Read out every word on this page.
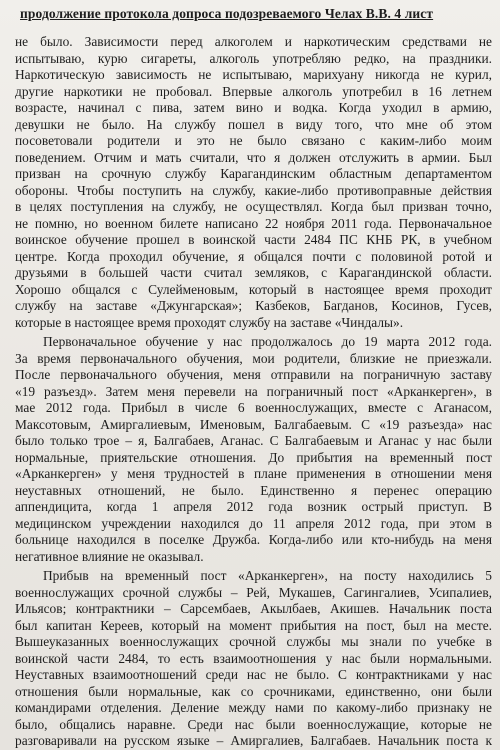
продолжение протокола допроса подозреваемого Челах В.В. 4 лист
не было. Зависимости перед алкоголем и наркотическим средствами не
испытываю, курю сигареты, алкоголь употребляю редко, на праздники.
Наркотическую зависимость не испытываю, марихуану никогда не курил,
другие наркотики не пробовал. Впервые алкоголь употребил в 16 летнем
возрасте, начинал с пива, затем вино и водка. Когда уходил в армию,
девушки не было. На службу пошел в виду того, что мне об этом
посоветовали родители и это не было связано с каким-либо моим
поведением. Отчим и мать считали, что я должен отслужить в армии. Был
призван на срочную службу Карагандинским областным департаментом
обороны. Чтобы поступить на службу, какие-либо противоправные действия
в целях поступления на службу, не осуществлял. Когда был призван точно,
не помню, но военном билете написано 22 ноября 2011 года. Первоначальное
воинское обучение прошел в воинской части 2484 ПС КНБ РК, в учебном
центре. Когда проходил обучение, я общался почти с половиной ротой и
друзьями в большей части считал земляков, с Карагандинской области.
Хорошо общался с Сулейменовым, который в настоящее время проходит
службу на заставе «Джунгарская»; Казбеков, Багданов, Косинов, Гусев,
которые в настоящее время проходят службу на заставе «Чиндалы».
Первоначальное обучение у нас продолжалось до 19 марта 2012 года.
За время первоначального обучения, мои родители, близкие не приезжали.
После первоначального обучения, меня отправили на пограничную заставу
«19 разъезд». Затем меня перевели на пограничный пост «Арканкерген», в
мае 2012 года. Прибыл в числе 6 военнослужащих, вместе с Аганасом,
Максотовым, Амиргалиевым, Именовым, Балгабаевым. С «19 разъезда» нас
было только трое – я, Балгабаев, Аганас. С Балгабаевым и Аганас у нас были
нормальные, приятельские отношения. До прибытия на временный пост
«Арканкерген» у меня трудностей в плане применения в отношении меня
неуставных отношений, не было. Единственно я перенес операцию
аппендицита, когда 1 апреля 2012 года возник острый приступ. В
медицинском учреждении находился до 11 апреля 2012 года, при этом в
больнице находился в поселке Дружба. Когда-либо или кто-нибудь на меня
негативное влияние не оказывал.
Прибыв на временный пост «Арканкерген», на посту находились 5
военнослужащих срочной службы – Рей, Мукашев, Сагингалиев, Усипалиев,
Ильясов; контрактники – Сарсембаев, Акылбаев, Акишев. Начальник поста
был капитан Кереев, который на момент прибытия на пост, был на месте.
Вышеуказанных военнослужащих срочной службы мы знали по учебке в
воинской части 2484, то есть взаимоотношения у нас были нормальными.
Неуставных взаимоотношений среди нас не было. С контрактниками у нас
отношения были нормальные, как со срочниками, единственно, они были
командирами отделения. Деление между нами по какому-либо признаку не
было, общались наравне. Среди нас были военнослужащие, которые не
разговаривали на русском языке – Амиргалиев, Балгабаев. Начальник поста к
